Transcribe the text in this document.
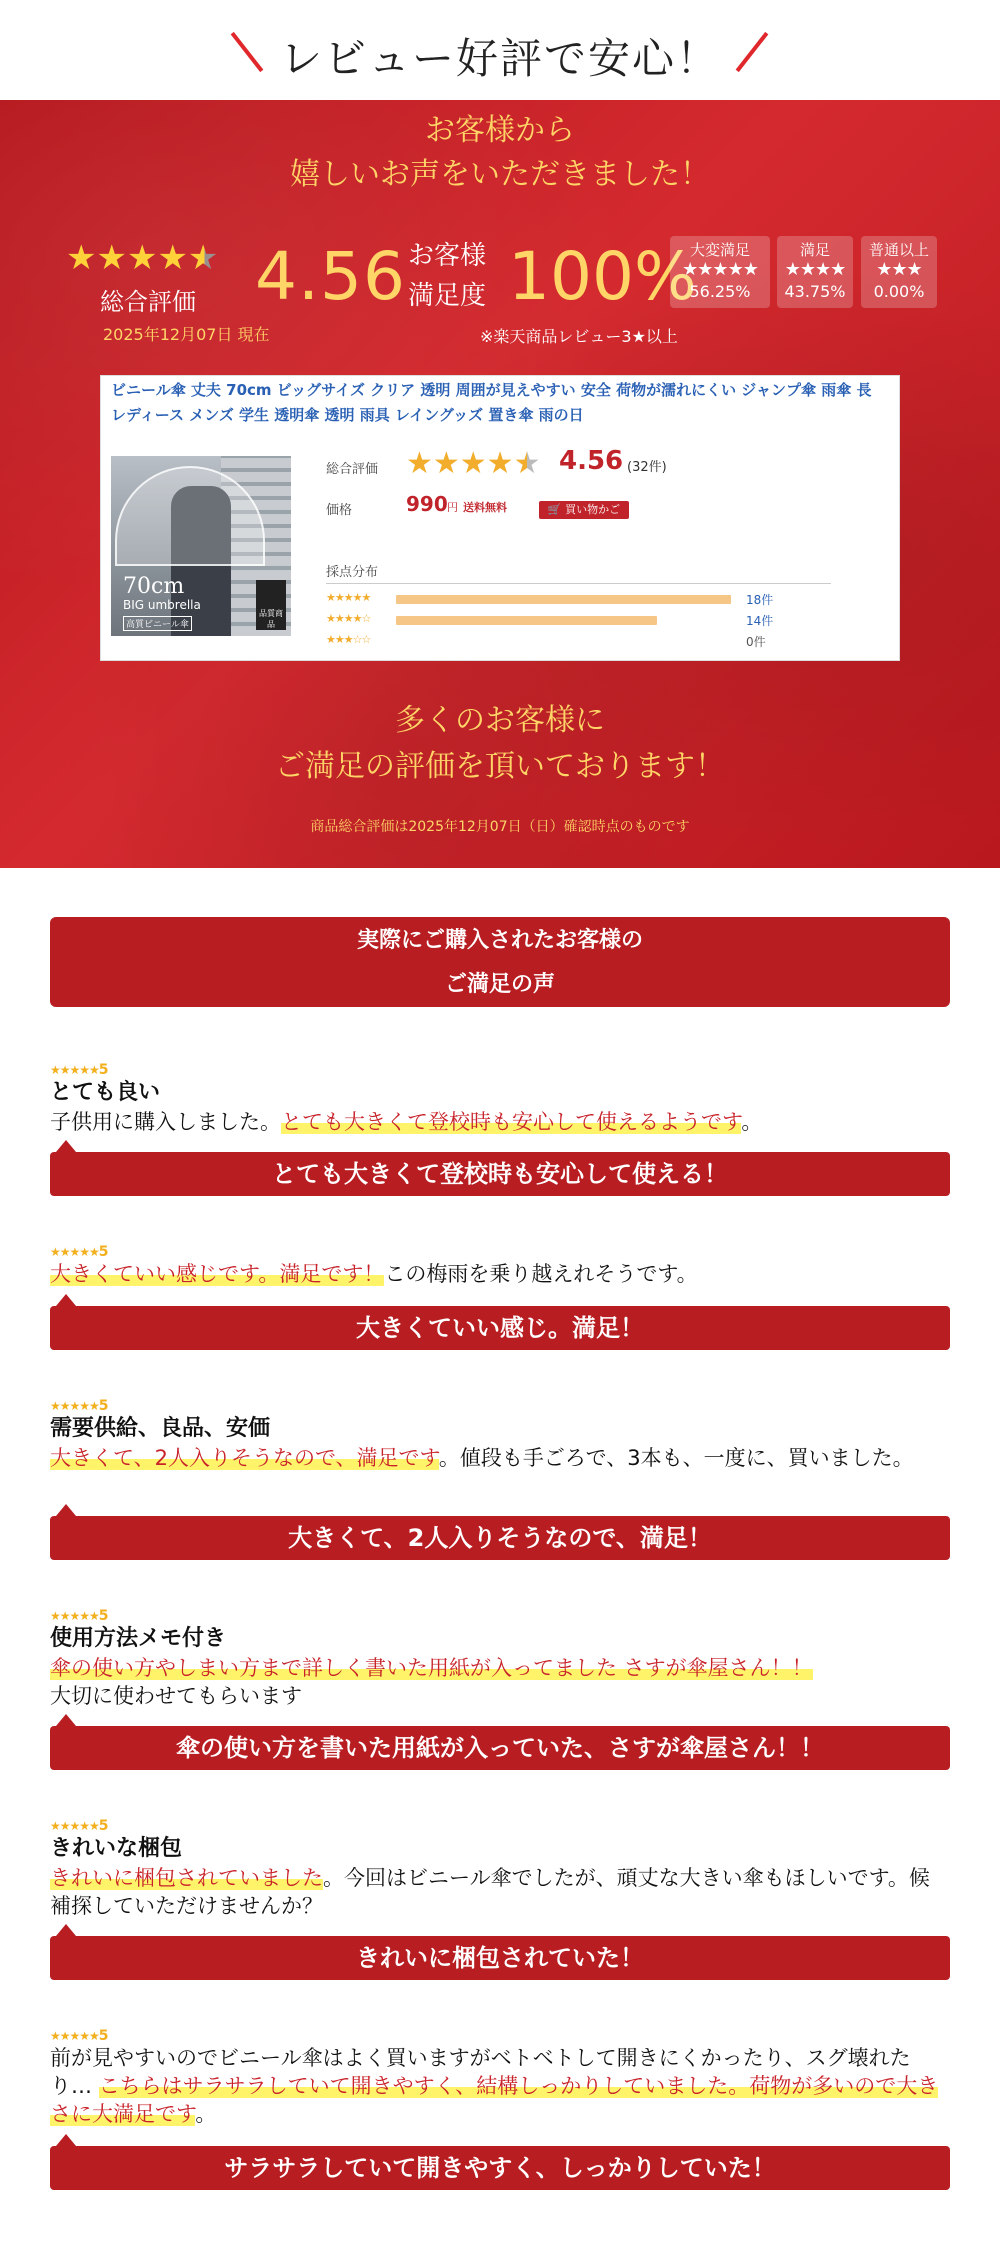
レビュー好評で安心！
お客様から
嬉しいお声をいただきました！
★★★★★
総合評価
2025年12月07日 現在
4.56 お客様
満足度 100%
※楽天商品レビュー3★以上
大変満足
★★★★★
56.25%
満足
★★★★
43.75%
普通以上
★★★
0.00%
ビニール傘 丈夫 70cm ビッグサイズ クリア 透明 周囲が見えやすい 安全 荷物が濡れにくい ジャンプ傘 雨傘 長
レディース メンズ 学生 透明傘 透明 雨具 レイングッズ 置き傘 雨の日
70cm
BIG umbrella
高質ビニール傘
品質商品
総合評価 ★★★★★ 4.56 (32件)
価格	990 円 送料無料	🛒 買い物かご
採点分布
★★★★★	18件
★★★★☆	14件
★★★☆☆	0件
多くのお客様に
ご満足の評価を頂いております！
商品総合評価は2025年12月07日（日）確認時点のものです
実際にご購入されたお客様の
ご満足の声
★★★★★5
とても良い
子供用に購入しました。とても大きくて登校時も安心して使えるようです。
とても大きくて登校時も安心して使える！
★★★★★5
大きくていい感じです。満足です！この梅雨を乗り越えれそうです。
大きくていい感じ。満足！
★★★★★5
需要供給、良品、安価
大きくて、2人入りそうなので、満足です。値段も手ごろで、3本も、一度に、買いました。
大きくて、2人入りそうなので、満足！
★★★★★5
使用方法メモ付き
傘の使い方やしまい方まで詳しく書いた用紙が入ってました さすが傘屋さん！！
大切に使わせてもらいます
傘の使い方を書いた用紙が入っていた、さすが傘屋さん！！
★★★★★5
きれいな梱包
きれいに梱包されていました。今回はビニール傘でしたが、頑丈な大きい傘もほしいです。候補探していただけませんか？
きれいに梱包されていた！
★★★★★5
前が見やすいのでビニール傘はよく買いますがベトベトして開きにくかったり、スグ壊れたり… こちらはサラサラしていて開きやすく、結構しっかりしていました。荷物が多いので大きさに大満足です。
サラサラしていて開きやすく、しっかりしていた！
